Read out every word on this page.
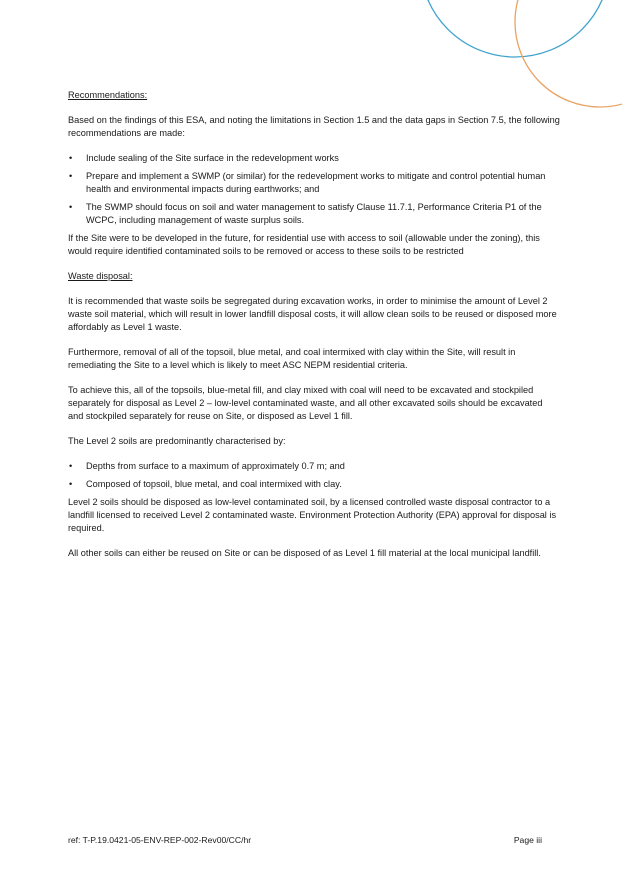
Recommendations:

Based on the findings of this ESA, and noting the limitations in Section 1.5 and the data gaps in Section 7.5, the following recommendations are made:

• Include sealing of the Site surface in the redevelopment works
• Prepare and implement a SWMP (or similar) for the redevelopment works to mitigate and control potential human health and environmental impacts during earthworks; and
• The SWMP should focus on soil and water management to satisfy Clause 11.7.1, Performance Criteria P1 of the WCPC, including management of waste surplus soils.

If the Site were to be developed in the future, for residential use with access to soil (allowable under the zoning), this would require identified contaminated soils to be removed or access to these soils to be restricted

Waste disposal:

It is recommended that waste soils be segregated during excavation works, in order to minimise the amount of Level 2 waste soil material, which will result in lower landfill disposal costs, it will allow clean soils to be reused or disposed more affordably as Level 1 waste.

Furthermore, removal of all of the topsoil, blue metal, and coal intermixed with clay within the Site, will result in remediating the Site to a level which is likely to meet ASC NEPM residential criteria.

To achieve this, all of the topsoils, blue-metal fill, and clay mixed with coal will need to be excavated and stockpiled separately for disposal as Level 2 – low-level contaminated waste, and all other excavated soils should be excavated and stockpiled separately for reuse on Site, or disposed as Level 1 fill.

The Level 2 soils are predominantly characterised by:

• Depths from surface to a maximum of approximately 0.7 m; and
• Composed of topsoil, blue metal, and coal intermixed with clay.

Level 2 soils should be disposed as low-level contaminated soil, by a licensed controlled waste disposal contractor to a landfill licensed to received Level 2 contaminated waste. Environment Protection Authority (EPA) approval for disposal is required.

All other soils can either be reused on Site or can be disposed of as Level 1 fill material at the local municipal landfill.

ref: T-P.19.0421-05-ENV-REP-002-Rev00/CC/hr	Page iii
